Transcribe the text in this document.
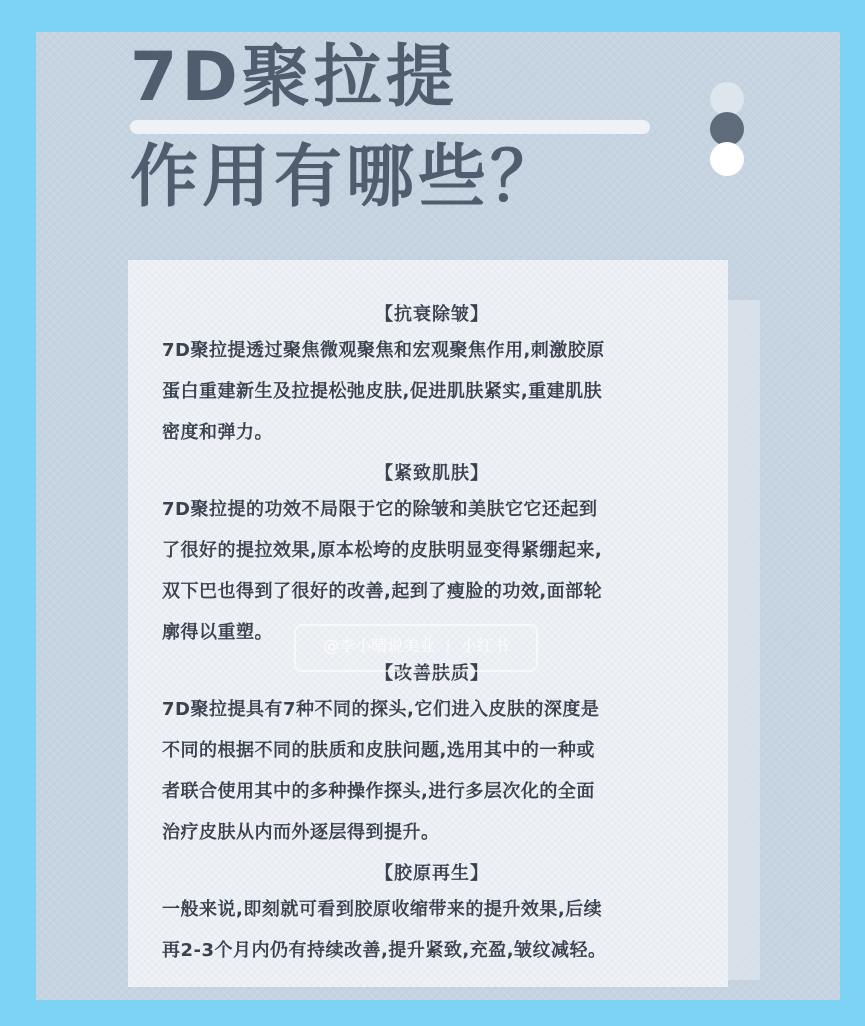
7D聚拉提
作用有哪些？

【抗衰除皱】

7D聚拉提透过聚焦微观聚焦和宏观聚焦作用,刺激胶原
蛋白重建新生及拉提松弛皮肤,促进肌肤紧实,重建肌肤
密度和弹力。

【紧致肌肤】

7D聚拉提的功效不局限于它的除皱和美肤它它还起到
了很好的提拉效果,原本松垮的皮肤明显变得紧绷起来,
双下巴也得到了很好的改善,起到了瘦脸的功效,面部轮
廓得以重塑。

【改善肤质】

7D聚拉提具有7种不同的探头,它们进入皮肤的深度是
不同的根据不同的肤质和皮肤问题,选用其中的一种或
者联合使用其中的多种操作探头,进行多层次化的全面
治疗皮肤从内而外逐层得到提升。

【胶原再生】

一般来说,即刻就可看到胶原收缩带来的提升效果,后续
再2-3个月内仍有持续改善,提升紧致,充盈,皱纹减轻。

@李小晴说美业 | 小红书
